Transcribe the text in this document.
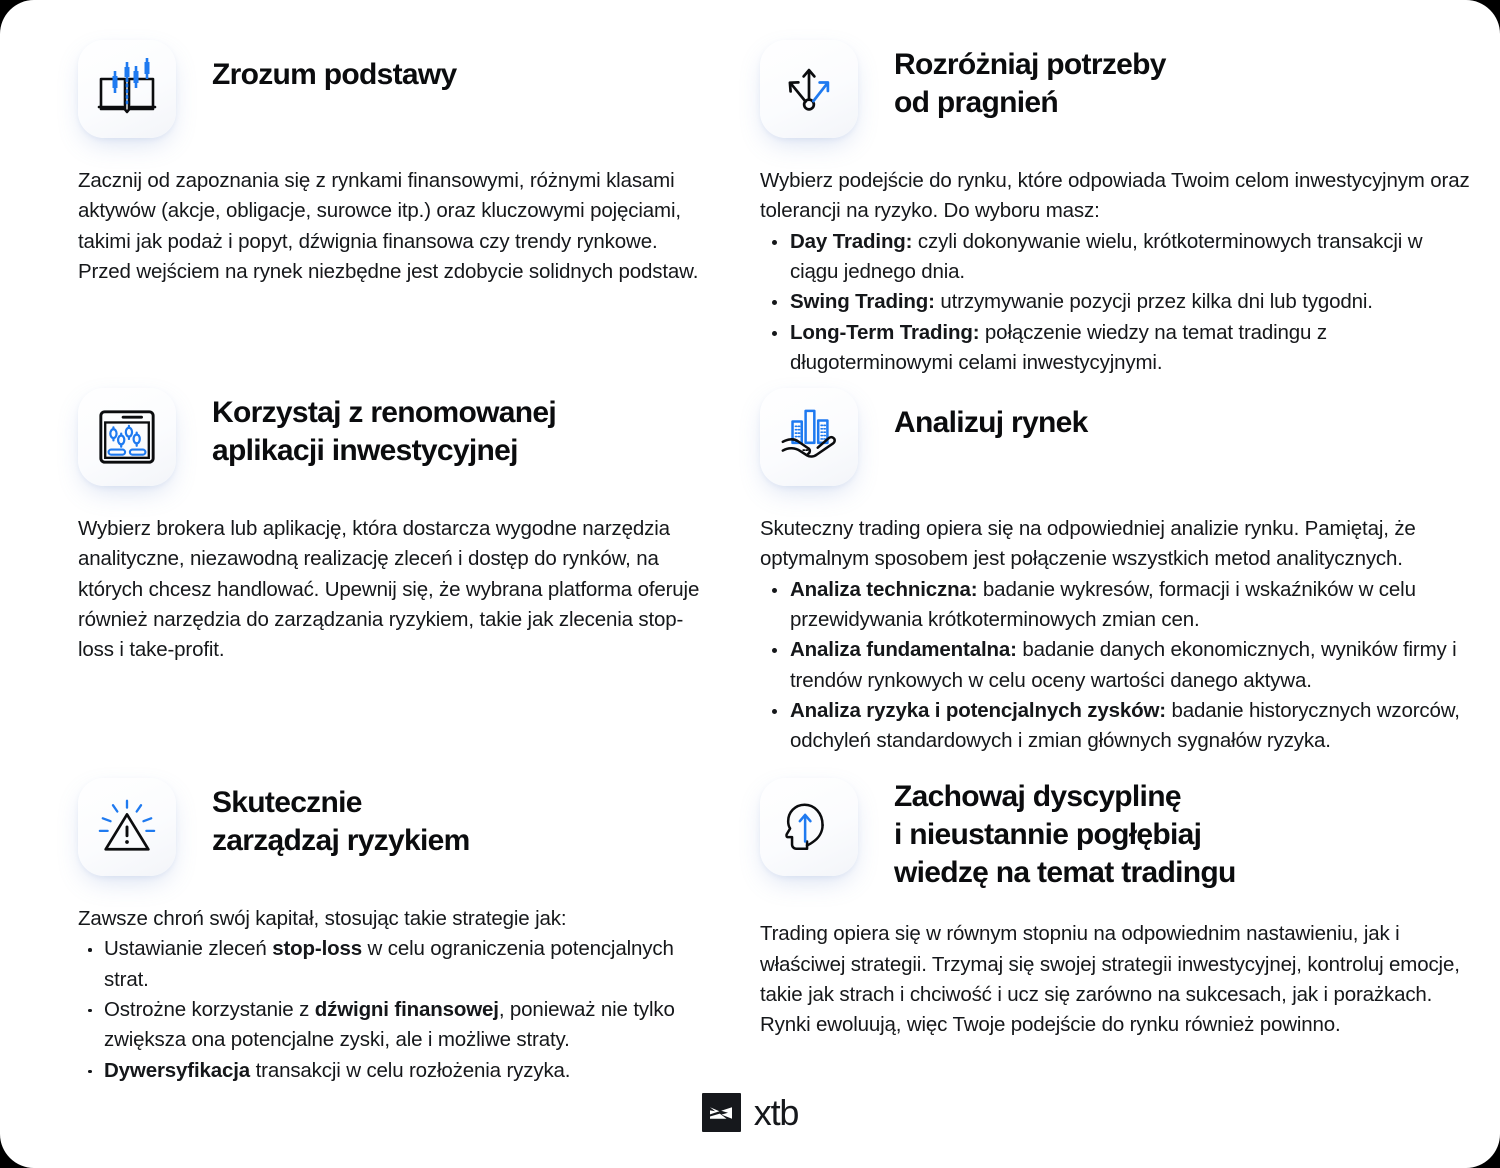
Zrozum podstawy

Zacznij od zapoznania się z rynkami finansowymi, różnymi klasami aktywów (akcje, obligacje, surowce itp.) oraz kluczowymi pojęciami, takimi jak podaż i popyt, dźwignia finansowa czy trendy rynkowe. Przed wejściem na rynek niezbędne jest zdobycie solidnych podstaw.

Korzystaj z renomowanej
aplikacji inwestycyjnej

Wybierz brokera lub aplikację, która dostarcza wygodne narzędzia analityczne, niezawodną realizację zleceń i dostęp do rynków, na których chcesz handlować. Upewnij się, że wybrana platforma oferuje również narzędzia do zarządzania ryzykiem, takie jak zlecenia stop-loss i take-profit.

Skutecznie
zarządzaj ryzykiem

Zawsze chroń swój kapitał, stosując takie strategie jak:

Ustawianie zleceń stop-loss w celu ograniczenia potencjalnych strat.
Ostrożne korzystanie z dźwigni finansowej, ponieważ nie tylko zwiększa ona potencjalne zyski, ale i możliwe straty.
Dywersyfikacja transakcji w celu rozłożenia ryzyka.
Rozróżniaj potrzeby
od pragnień

Wybierz podejście do rynku, które odpowiada Twoim celom inwestycyjnym oraz tolerancji na ryzyko. Do wyboru masz:

Day Trading: czyli dokonywanie wielu, krótkoterminowych transakcji w ciągu jednego dnia.
Swing Trading: utrzymywanie pozycji przez kilka dni lub tygodni.
Long-Term Trading: połączenie wiedzy na temat tradingu z długoterminowymi celami inwestycyjnymi.
Analizuj rynek

Skuteczny trading opiera się na odpowiedniej analizie rynku. Pamiętaj, że optymalnym sposobem jest połączenie wszystkich metod analitycznych.

Analiza techniczna: badanie wykresów, formacji i wskaźników w celu przewidywania krótkoterminowych zmian cen.
Analiza fundamentalna: badanie danych ekonomicznych, wyników firmy i trendów rynkowych w celu oceny wartości danego aktywa.
Analiza ryzyka i potencjalnych zysków: badanie historycznych wzorców, odchyleń standardowych i zmian głównych sygnałów ryzyka.
Zachowaj dyscyplinę
i nieustannie pogłębiaj
wiedzę na temat tradingu

Trading opiera się w równym stopniu na odpowiednim nastawieniu, jak i właściwej strategii. Trzymaj się swojej strategii inwestycyjnej, kontroluj emocje, takie jak strach i chciwość i ucz się zarówno na sukcesach, jak i porażkach. Rynki ewoluują, więc Twoje podejście do rynku również powinno.

xtb
